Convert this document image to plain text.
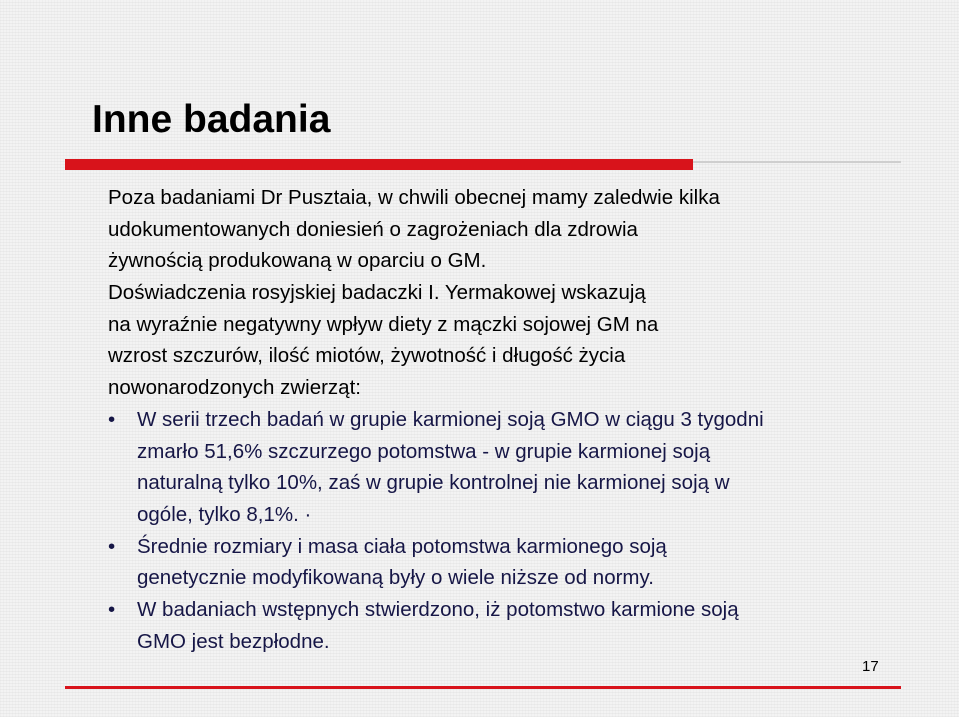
Inne badania

Poza badaniami Dr Pusztaia, w chwili obecnej mamy zaledwie kilka

udokumentowanych doniesień o zagrożeniach dla zdrowia

żywnością produkowaną w oparciu o GM.

Doświadczenia rosyjskiej badaczki I. Yermakowej wskazują

na wyraźnie negatywny wpływ diety z mączki sojowej GM na

wzrost szczurów, ilość miotów, żywotność i długość życia

nowonarodzonych zwierząt:

• W serii trzech badań w grupie karmionej soją GMO w ciągu 3 tygodni
zmarło 51,6% szczurzego potomstwa - w grupie karmionej soją
naturalną tylko 10%, zaś w grupie kontrolnej nie karmionej soją w
ogóle, tylko 8,1%. ·
• Średnie rozmiary i masa ciała potomstwa karmionego soją
genetycznie modyfikowaną były o wiele niższe od normy.
• W badaniach wstępnych stwierdzono, iż potomstwo karmione soją
GMO jest bezpłodne.
17
